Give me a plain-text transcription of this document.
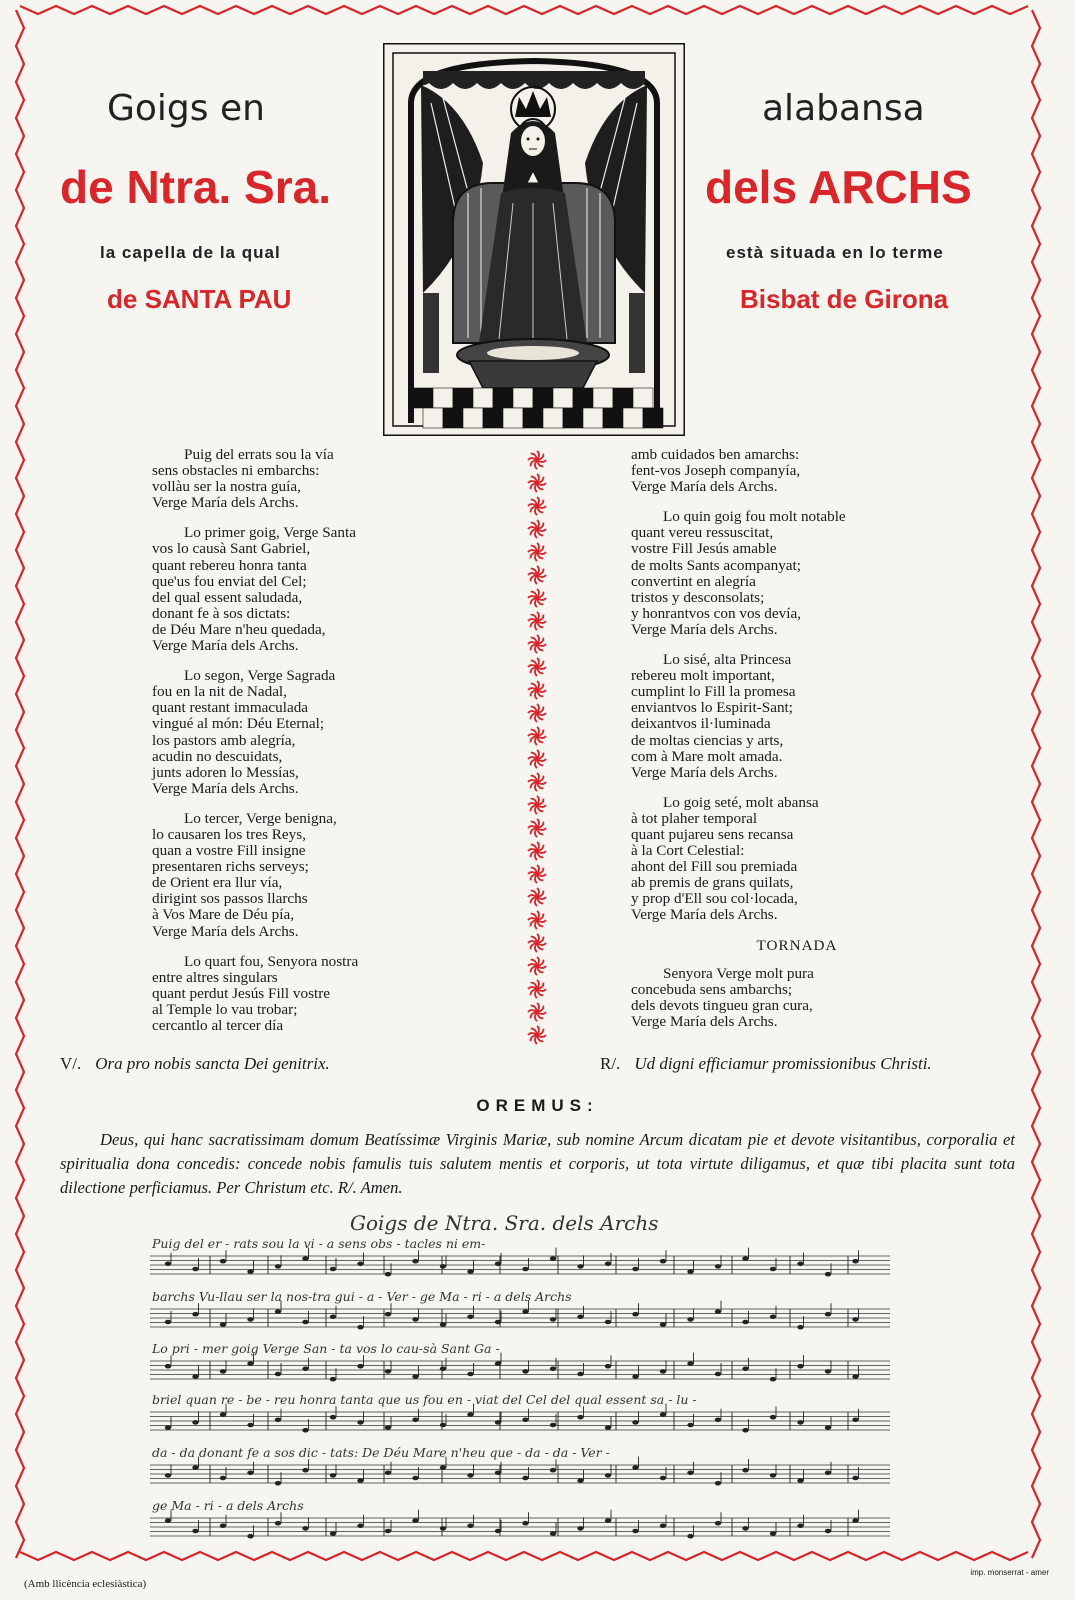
Goigs en	alabansa
de Ntra. Sra.	dels ARCHS
la capella de la qual	està situada en lo terme
de SANTA PAU	Bisbat de Girona
Puig del errats sou la vía
sens obstacles ni embarchs:
vollàu ser la nostra guía,
Verge María dels Archs.
Lo primer goig, Verge Santa
vos lo causà Sant Gabriel,
quant rebereu honra tanta
que'us fou enviat del Cel;
del qual essent saludada,
donant fe à sos dictats:
de Déu Mare n'heu quedada,
Verge María dels Archs.
Lo segon, Verge Sagrada
fou en la nit de Nadal,
quant restant immaculada
vingué al món: Déu Eternal;
los pastors amb alegría,
acudin no descuidats,
junts adoren lo Messías,
Verge María dels Archs.
Lo tercer, Verge benigna,
lo causaren los tres Reys,
quan a vostre Fill insigne
presentaren richs serveys;
de Orient era llur vía,
dirigint sos passos llarchs
à Vos Mare de Déu pía,
Verge María dels Archs.
Lo quart fou, Senyora nostra
entre altres singulars
quant perdut Jesús Fill vostre
al Temple lo vau trobar;
cercantlo al tercer día
amb cuidados ben amarchs:
fent-vos Joseph companyía,
Verge María dels Archs.
Lo quin goig fou molt notable
quant vereu ressuscitat,
vostre Fill Jesús amable
de molts Sants acompanyat;
convertint en alegría
tristos y desconsolats;
y honrantvos con vos devía,
Verge María dels Archs.
Lo sisé, alta Princesa
rebereu molt important,
cumplint lo Fill la promesa
enviantvos lo Espirit-Sant;
deixantvos il·luminada
de moltas ciencias y arts,
com à Mare molt amada.
Verge María dels Archs.
Lo goig seté, molt abansa
à tot plaher temporal
quant pujareu sens recansa
à la Cort Celestial:
ahont del Fill sou premiada
ab premis de grans quilats,
y prop d'Ell sou col·locada,
Verge María dels Archs.
TORNADA
Senyora Verge molt pura
concebuda sens ambarchs;
dels devots tingueu gran cura,
Verge María dels Archs.
V/. Ora pro nobis sancta Dei genitrix.	R/. Ud digni efficiamur promissionibus Christi.
OREMUS:
Deus, qui hanc sacratissimam domum Beatíssimæ Virginis Mariæ, sub nomine Arcum dicatam pie et devote visitantibus, corporalia et spiritualia dona concedis: concede nobis famulis tuis salutem mentis et corporis, ut tota virtute diligamus, et quæ tibi placita sunt tota dilectione perficiamus. Per Christum etc. R/. Amen.
Goigs de Ntra. Sra. dels Archs
Puig del er - rats sou la vi - a sens obs - tacles ni em-
barchs Vu-llau ser la nos-tra gui - a - Ver - ge Ma - ri - a dels Archs
Lo pri - mer goig Verge San - ta vos lo cau-sà Sant Ga -
briel quan re - be - reu honra tanta que us fou en - viat del Cel del qual essent sa - lu -
da - da donant fe a sos dic - tats: De Déu Mare n'heu que - da - da - Ver -
ge Ma - ri - a dels Archs
(Amb llicència eclesiàstica)
imp. monserrat - amer
